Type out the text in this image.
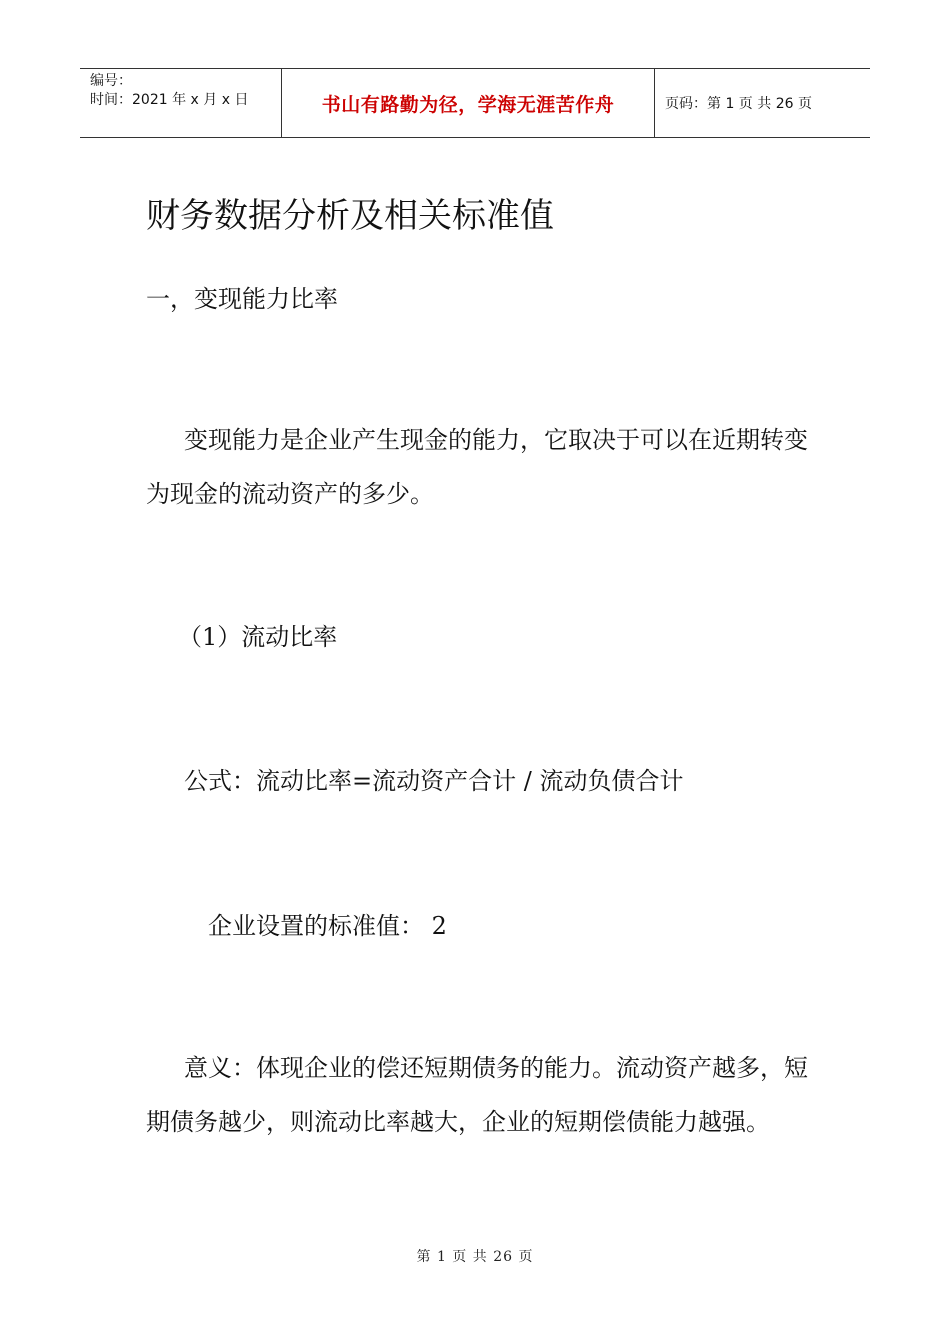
编号：
时间：2021 年 x 月 x 日	书山有路勤为径，学海无涯苦作舟	页码：第 1 页 共 26 页
财务数据分析及相关标准值

一，变现能力比率

变现能力是企业产生现金的能力，它取决于可以在近期转变为现金的流动资产的多少。

（1）流动比率

公式：流动比率=流动资产合计 / 流动负债合计

企业设置的标准值： 2

意义：体现企业的偿还短期债务的能力。流动资产越多，短期债务越少，则流动比率越大，企业的短期偿债能力越强。

第 1 页 共 26 页
